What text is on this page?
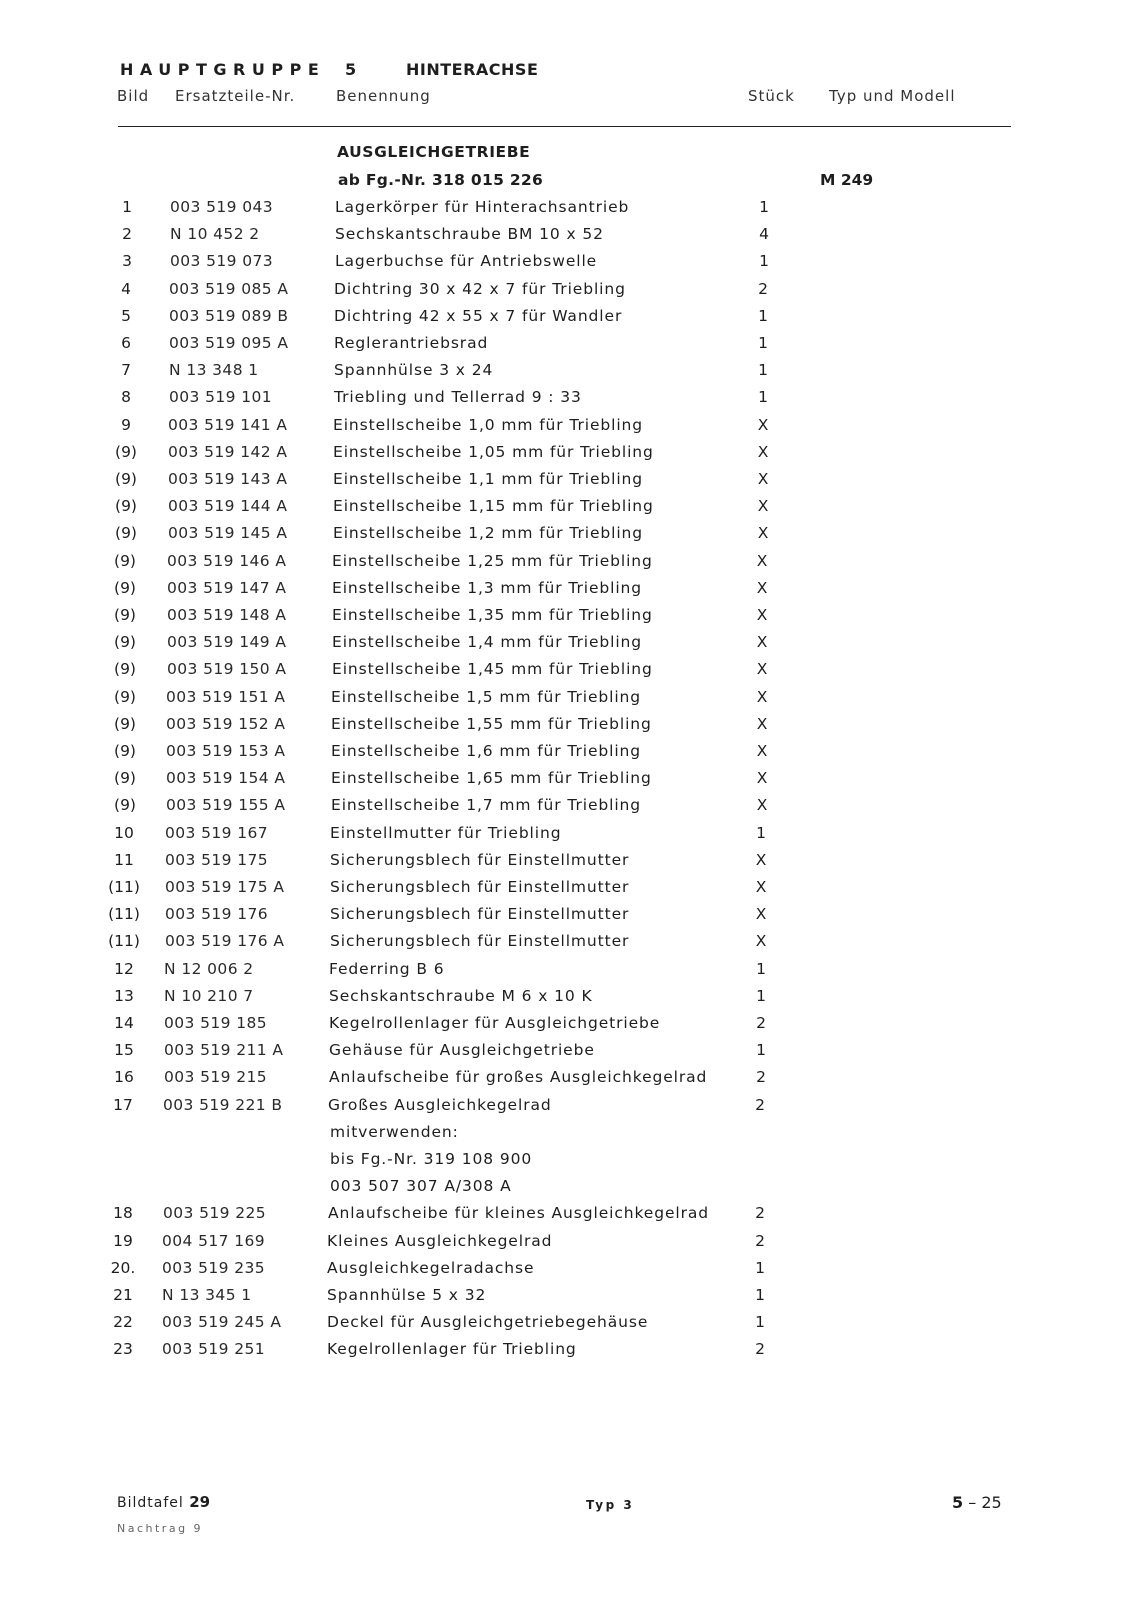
HAUPTGRUPPE 5	HINTERACHSE
Bild Ersatzteile-Nr.	Benennung	Stück Typ und Modell
AUSGLEICHGETRIEBE
ab Fg.-Nr. 318 015 226	M 249
1	003 519 043	Lagerkörper für Hinterachsantrieb	1
2	N 10 452 2	Sechskantschraube BM 10 x 52	4
3	003 519 073	Lagerbuchse für Antriebswelle	1
4	003 519 085 A	Dichtring 30 x 42 x 7 für Triebling	2
5	003 519 089 B	Dichtring 42 x 55 x 7 für Wandler	1
6	003 519 095 A	Reglerantriebsrad	1
7	N 13 348 1	Spannhülse 3 x 24	1
8	003 519 101	Triebling und Tellerrad 9 : 33	1
9	003 519 141 A	Einstellscheibe 1,0 mm für Triebling	X
(9)	003 519 142 A	Einstellscheibe 1,05 mm für Triebling	X
(9)	003 519 143 A	Einstellscheibe 1,1 mm für Triebling	X
(9)	003 519 144 A	Einstellscheibe 1,15 mm für Triebling	X
(9)	003 519 145 A	Einstellscheibe 1,2 mm für Triebling	X
(9)	003 519 146 A	Einstellscheibe 1,25 mm für Triebling	X
(9)	003 519 147 A	Einstellscheibe 1,3 mm für Triebling	X
(9)	003 519 148 A	Einstellscheibe 1,35 mm für Triebling	X
(9)	003 519 149 A	Einstellscheibe 1,4 mm für Triebling	X
(9)	003 519 150 A	Einstellscheibe 1,45 mm für Triebling	X
(9)	003 519 151 A	Einstellscheibe 1,5 mm für Triebling	X
(9)	003 519 152 A	Einstellscheibe 1,55 mm für Triebling	X
(9)	003 519 153 A	Einstellscheibe 1,6 mm für Triebling	X
(9)	003 519 154 A	Einstellscheibe 1,65 mm für Triebling	X
(9)	003 519 155 A	Einstellscheibe 1,7 mm für Triebling	X
10	003 519 167	Einstellmutter für Triebling	1
11	003 519 175	Sicherungsblech für Einstellmutter	X
(11) 003 519 175 A	Sicherungsblech für Einstellmutter	X
(11) 003 519 176	Sicherungsblech für Einstellmutter	X
(11) 003 519 176 A	Sicherungsblech für Einstellmutter	X
12	N 12 006 2	Federring B 6	1
13	N 10 210 7	Sechskantschraube M 6 x 10 K	1
14	003 519 185	Kegelrollenlager für Ausgleichgetriebe	2
15	003 519 211 A	Gehäuse für Ausgleichgetriebe	1
16	003 519 215	Anlaufscheibe für großes Ausgleichkegelrad	2
17	003 519 221 B	Großes Ausgleichkegelrad	2
mitverwenden:
bis Fg.-Nr. 319 108 900
003 507 307 A/308 A
18	003 519 225	Anlaufscheibe für kleines Ausgleichkegelrad	2
19	004 517 169	Kleines Ausgleichkegelrad	2
20.	003 519 235	Ausgleichkegelradachse	1
21	N 13 345 1	Spannhülse 5 x 32	1
22	003 519 245 A	Deckel für Ausgleichgetriebegehäuse	1
23	003 519 251	Kegelrollenlager für Triebling	2
Bildtafel 29
Nachtrag 9
Typ 3	5 – 25
